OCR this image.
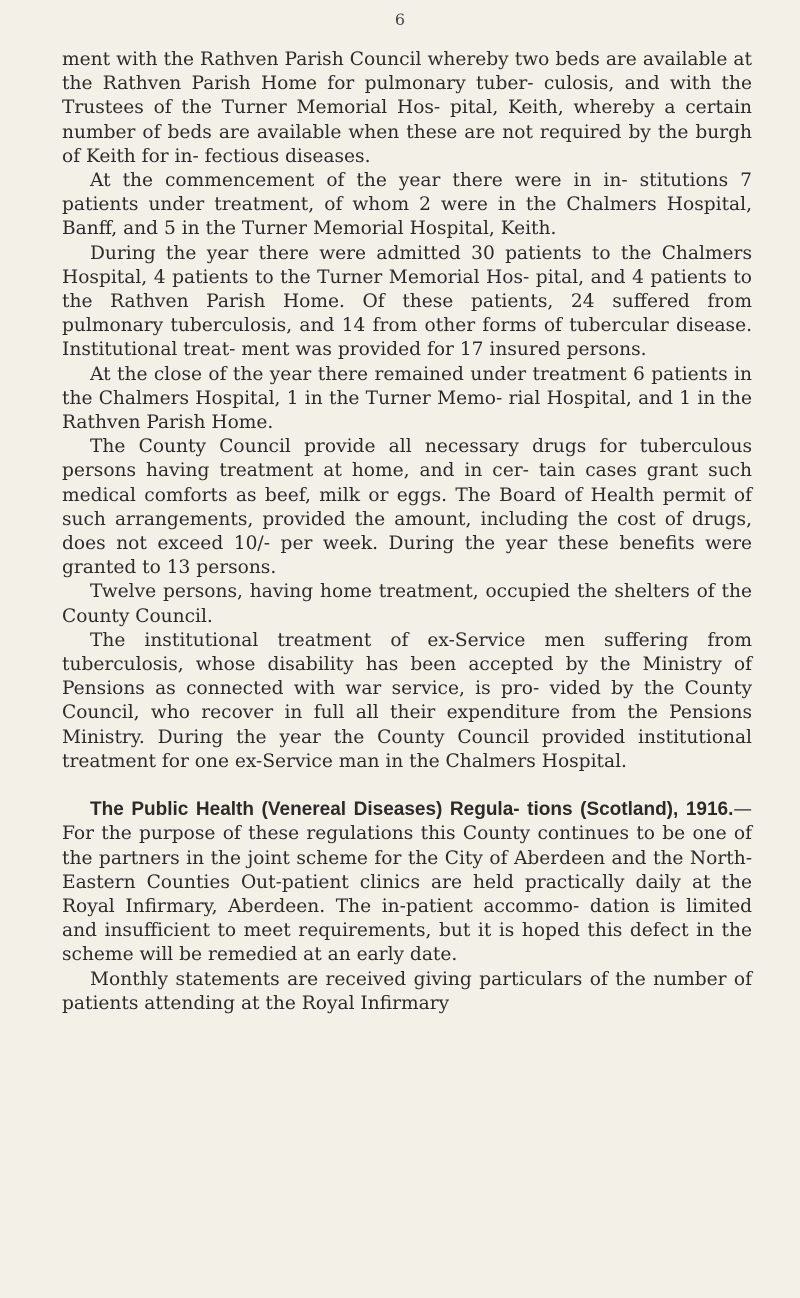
6

ment with the Rathven Parish Council whereby two beds are available at the Rathven Parish Home for pulmonary tuber- culosis, and with the Trustees of the Turner Memorial Hos- pital, Keith, whereby a certain number of beds are available when these are not required by the burgh of Keith for in- fectious diseases.

At the commencement of the year there were in in- stitutions 7 patients under treatment, of whom 2 were in the Chalmers Hospital, Banff, and 5 in the Turner Memorial Hospital, Keith.

During the year there were admitted 30 patients to the Chalmers Hospital, 4 patients to the Turner Memorial Hos- pital, and 4 patients to the Rathven Parish Home. Of these patients, 24 suffered from pulmonary tuberculosis, and 14 from other forms of tubercular disease. Institutional treat- ment was provided for 17 insured persons.

At the close of the year there remained under treatment 6 patients in the Chalmers Hospital, 1 in the Turner Memo- rial Hospital, and 1 in the Rathven Parish Home.

The County Council provide all necessary drugs for tuberculous persons having treatment at home, and in cer- tain cases grant such medical comforts as beef, milk or eggs. The Board of Health permit of such arrangements, provided the amount, including the cost of drugs, does not exceed 10/- per week. During the year these benefits were granted to 13 persons.

Twelve persons, having home treatment, occupied the shelters of the County Council.

The institutional treatment of ex-Service men suffering from tuberculosis, whose disability has been accepted by the Ministry of Pensions as connected with war service, is pro- vided by the County Council, who recover in full all their expenditure from the Pensions Ministry. During the year the County Council provided institutional treatment for one ex-Service man in the Chalmers Hospital.

The Public Health (Venereal Diseases) Regula- tions (Scotland), 1916.—For the purpose of these regulations this County continues to be one of the partners in the joint scheme for the City of Aberdeen and the North-Eastern Counties Out-patient clinics are held practically daily at the Royal Infirmary, Aberdeen. The in-patient accommo- dation is limited and insufficient to meet requirements, but it is hoped this defect in the scheme will be remedied at an early date.

Monthly statements are received giving particulars of the number of patients attending at the Royal Infirmary
